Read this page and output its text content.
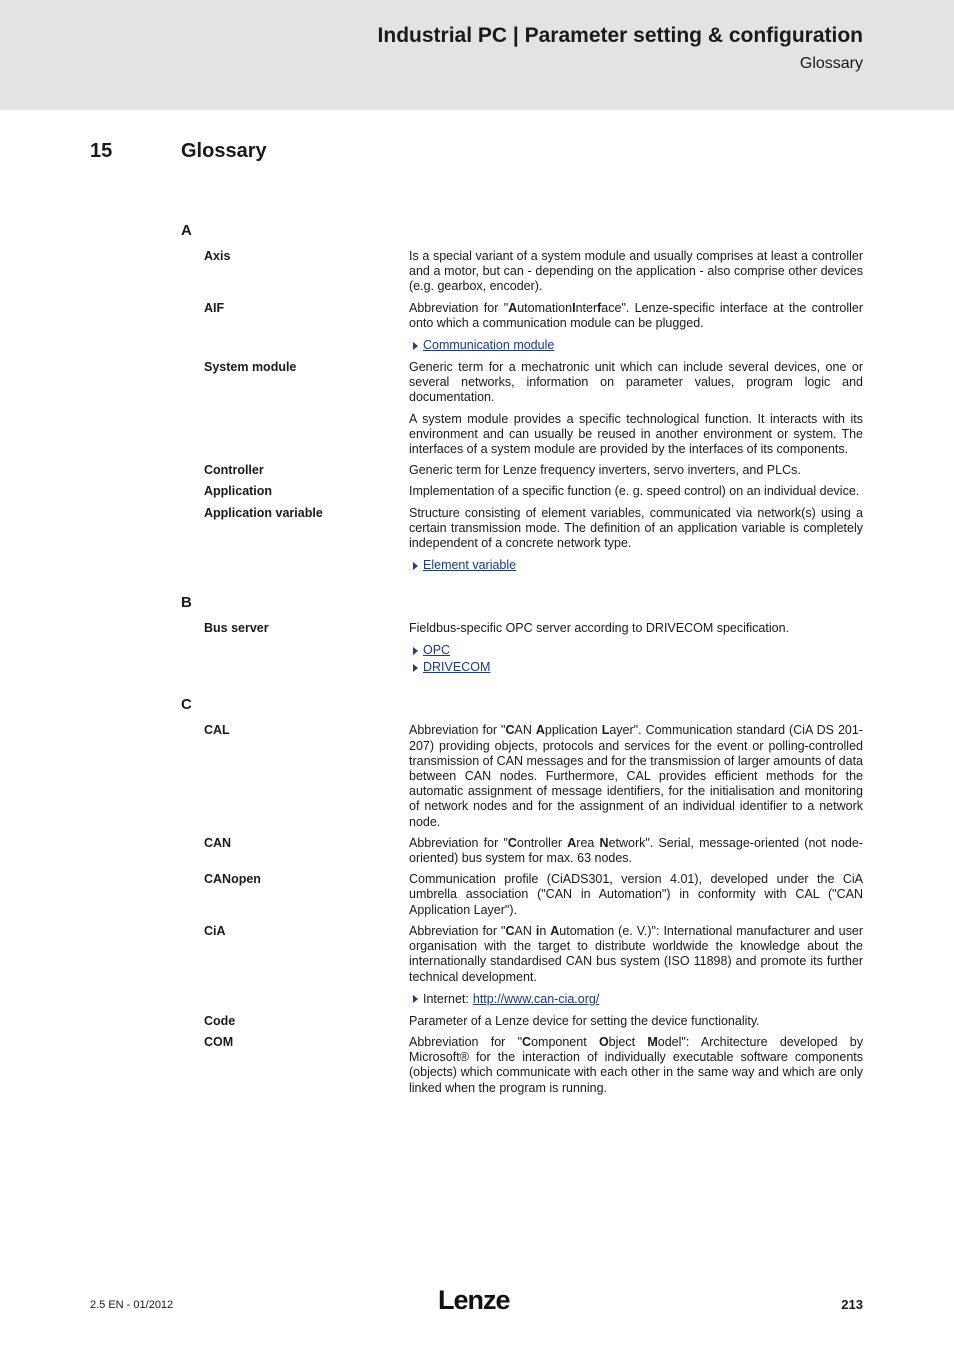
Industrial PC | Parameter setting & configuration
Glossary
15	Glossary
A
Axis	Is a special variant of a system module and usually comprises at least a controller and a motor, but can - depending on the application - also comprise other devices (e.g. gearbox, encoder).

AIF	Abbreviation for "AutomationInterface". Lenze-specific interface at the controller onto which a communication module can be plugged.

Communication module
System module	Generic term for a mechatronic unit which can include several devices, one or several networks, information on parameter values, program logic and documentation.

A system module provides a specific technological function. It interacts with its environment and can usually be reused in another environment or system. The interfaces of a system module are provided by the interfaces of its components.

Controller	Generic term for Lenze frequency inverters, servo inverters, and PLCs.

Application	Implementation of a specific function (e. g. speed control) on an individual device.

Application variable	Structure consisting of element variables, communicated via network(s) using a certain transmission mode. The definition of an application variable is completely independent of a concrete network type.

Element variable
B
Bus server	Fieldbus-specific OPC server according to DRIVECOM specification.

OPC
DRIVECOM
C
CAL	Abbreviation for "CAN Application Layer". Communication standard (CiA DS 201-207) providing objects, protocols and services for the event or polling-controlled transmission of CAN messages and for the transmission of larger amounts of data between CAN nodes. Furthermore, CAL provides efficient methods for the automatic assignment of message identifiers, for the initialisation and monitoring of network nodes and for the assignment of an individual identifier to a network node.

CAN	Abbreviation for "Controller Area Network". Serial, message-oriented (not node-oriented) bus system for max. 63 nodes.

CANopen	Communication profile (CiADS301, version 4.01), developed under the CiA umbrella association ("CAN in Automation") in conformity with CAL ("CAN Application Layer").

CiA	Abbreviation for "CAN in Automation (e. V.)": International manufacturer and user organisation with the target to distribute worldwide the knowledge about the internationally standardised CAN bus system (ISO 11898) and promote its further technical development.

Internet: http://www.can-cia.org/
Code	Parameter of a Lenze device for setting the device functionality.

COM	Abbreviation for "Component Object Model": Architecture developed by Microsoft® for the interaction of individually executable software components (objects) which communicate with each other in the same way and which are only linked when the program is running.

2.5 EN - 01/2012	Lenze	213
